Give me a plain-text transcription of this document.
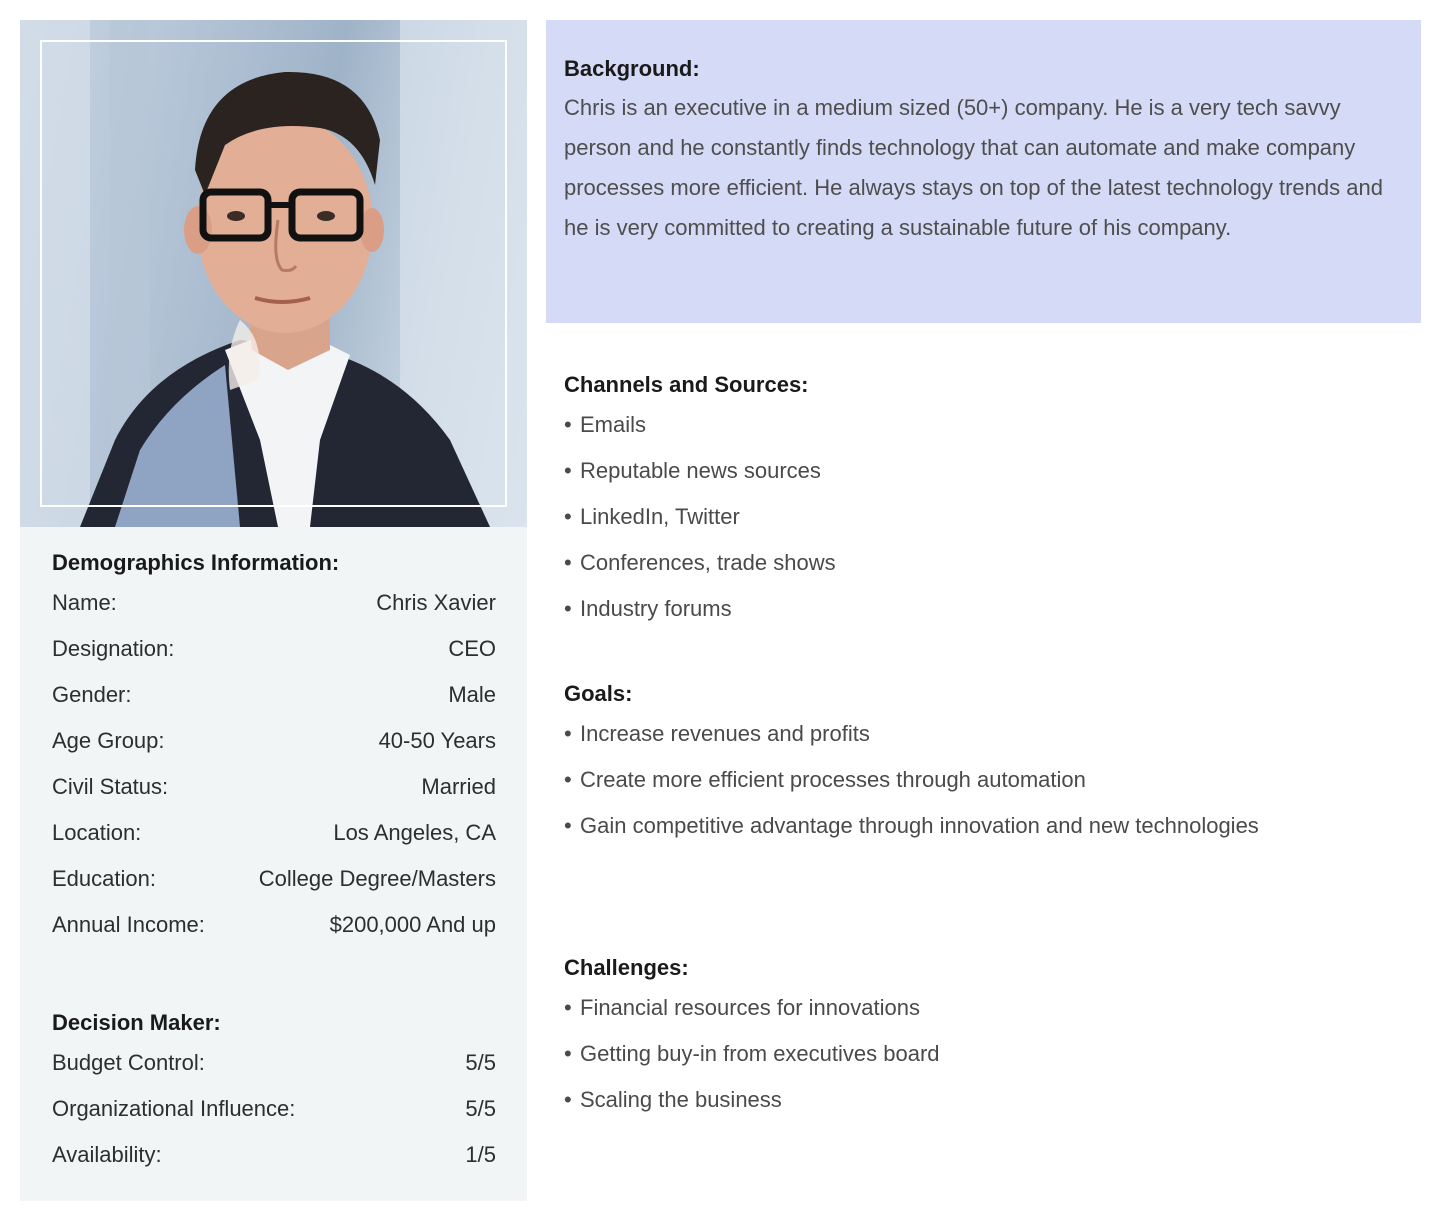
Demographics Information:
Name:	Chris Xavier
Designation:	CEO
Gender:	Male
Age Group:	40-50 Years
Civil Status:	Married
Location:	Los Angeles, CA
Education:	College Degree/Masters
Annual Income:	$200,000 And up
Decision Maker:
Budget Control:	5/5
Organizational Influence:	5/5
Availability:	1/5
Background:

Chris is an executive in a medium sized (50+) company. He is a very tech savvy person and he constantly finds technology that can automate and make company processes more efficient. He always stays on top of the latest technology trends and he is very committed to creating a sustainable future of his company.

Channels and Sources:
• Emails
• Reputable news sources
• LinkedIn, Twitter
• Conferences, trade shows
• Industry forums
Goals:
• Increase revenues and profits
• Create more efficient processes through automation
• Gain competitive advantage through innovation and new technologies
Challenges:
• Financial resources for innovations
• Getting buy-in from executives board
• Scaling the business
